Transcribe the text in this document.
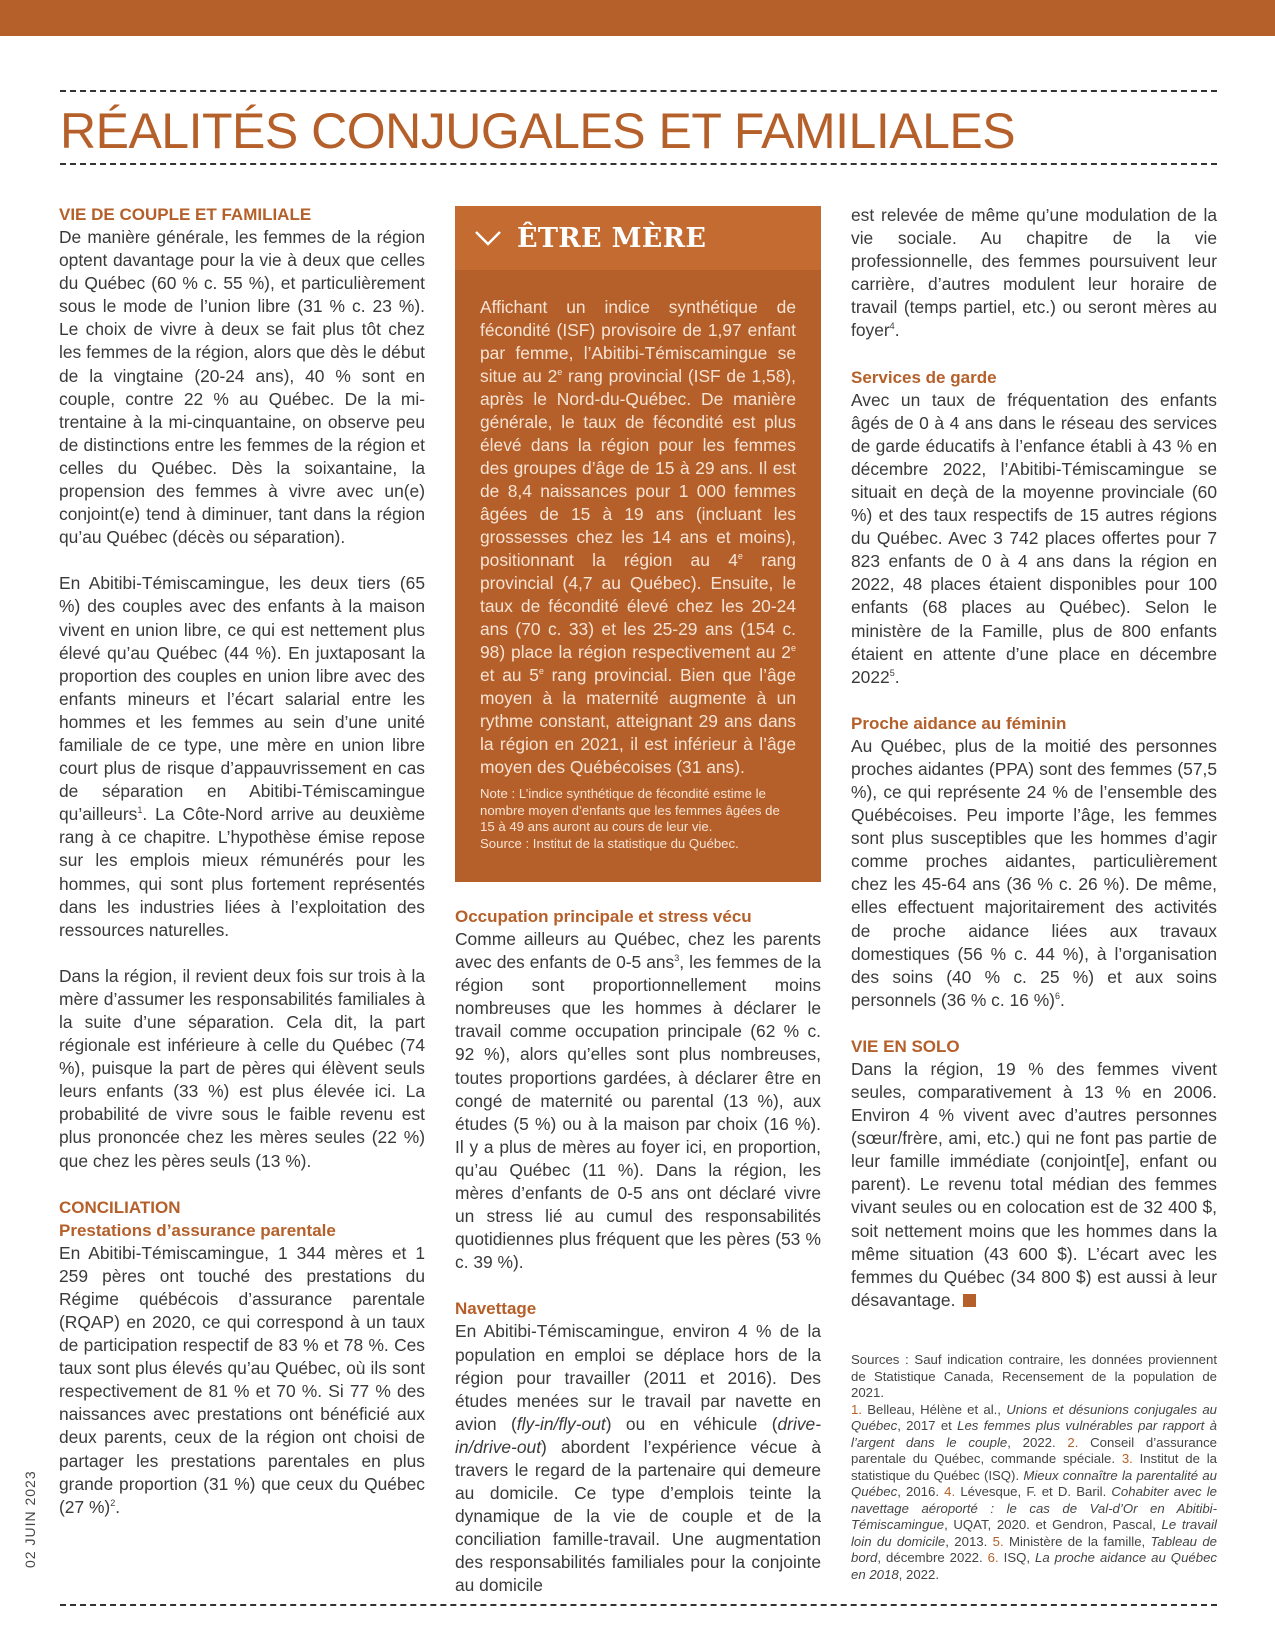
RÉALITÉS CONJUGALES ET FAMILIALES
VIE DE COUPLE ET FAMILIALE

De manière générale, les femmes de la région optent davantage pour la vie à deux que celles du Québec (60 % c. 55 %), et particulièrement sous le mode de l’union libre (31 % c. 23 %). Le choix de vivre à deux se fait plus tôt chez les femmes de la région, alors que dès le début de la vingtaine (20-24 ans), 40 % sont en couple, contre 22 % au Québec. De la mi-trentaine à la mi-cinquantaine, on observe peu de distinctions entre les femmes de la région et celles du Québec. Dès la soixantaine, la propension des femmes à vivre avec un(e) conjoint(e) tend à diminuer, tant dans la région qu’au Québec (décès ou séparation).

En Abitibi-Témiscamingue, les deux tiers (65 %) des couples avec des enfants à la maison vivent en union libre, ce qui est nettement plus élevé qu’au Québec (44 %). En juxtaposant la proportion des couples en union libre avec des enfants mineurs et l’écart salarial entre les hommes et les femmes au sein d’une unité familiale de ce type, une mère en union libre court plus de risque d’appauvrissement en cas de séparation en Abitibi-Témiscamingue qu’ailleurs$^1$. La Côte-Nord arrive au deuxième rang à ce chapitre. L’hypothèse émise repose sur les emplois mieux rémunérés pour les hommes, qui sont plus fortement représentés dans les industries liées à l’exploitation des ressources naturelles.

Dans la région, il revient deux fois sur trois à la mère d’assumer les responsabilités familiales à la suite d’une séparation. Cela dit, la part régionale est inférieure à celle du Québec (74 %), puisque la part de pères qui élèvent seuls leurs enfants (33 %) est plus élevée ici. La probabilité de vivre sous le faible revenu est plus prononcée chez les mères seules (22 %) que chez les pères seuls (13 %).

CONCILIATION
Prestations d’assurance parentale

En Abitibi-Témiscamingue, 1 344 mères et 1 259 pères ont touché des prestations du Régime québécois d’assurance parentale (RQAP) en 2020, ce qui correspond à un taux de participation respectif de 83 % et 78 %. Ces taux sont plus élevés qu’au Québec, où ils sont respectivement de 81 % et 70 %. Si 77 % des naissances avec prestations ont bénéficié aux deux parents, ceux de la région ont choisi de partager les prestations parentales en plus grande proportion (31 %) que ceux du Québec (27 %)$^2$.

ÊTRE MÈRE

Affichant un indice synthétique de fécondité (ISF) provisoire de 1,97 enfant par femme, l’Abitibi-Témiscamingue se situe au 2e rang provincial (ISF de 1,58), après le Nord-du-Québec. De manière générale, le taux de fécondité est plus élevé dans la région pour les femmes des groupes d’âge de 15 à 29 ans. Il est de 8,4 naissances pour 1 000 femmes âgées de 15 à 19 ans (incluant les grossesses chez les 14 ans et moins), positionnant la région au 4e rang provincial (4,7 au Québec). Ensuite, le taux de fécondité élevé chez les 20-24 ans (70 c. 33) et les 25-29 ans (154 c. 98) place la région respectivement au 2e et au 5e rang provincial. Bien que l’âge moyen à la maternité augmente à un rythme constant, atteignant 29 ans dans la région en 2021, il est inférieur à l’âge moyen des Québécoises (31 ans).

Note : L’indice synthétique de fécondité estime le nombre moyen d’enfants que les femmes âgées de 15 à 49 ans auront au cours de leur vie.
Source : Institut de la statistique du Québec.

Occupation principale et stress vécu

Comme ailleurs au Québec, chez les parents avec des enfants de 0-5 ans$^3$, les femmes de la région sont proportionnellement moins nombreuses que les hommes à déclarer le travail comme occupation principale (62 % c. 92 %), alors qu’elles sont plus nombreuses, toutes proportions gardées, à déclarer être en congé de maternité ou parental (13 %), aux études (5 %) ou à la maison par choix (16 %). Il y a plus de mères au foyer ici, en proportion, qu’au Québec (11 %). Dans la région, les mères d’enfants de 0-5 ans ont déclaré vivre un stress lié au cumul des responsabilités quotidiennes plus fréquent que les pères (53 % c. 39 %).

Navettage

En Abitibi-Témiscamingue, environ 4 % de la population en emploi se déplace hors de la région pour travailler (2011 et 2016). Des études menées sur le travail par navette en avion (fly-in/fly-out) ou en véhicule (drive-in/drive-out) abordent l’expérience vécue à travers le regard de la partenaire qui demeure au domicile. Ce type d’emplois teinte la dynamique de la vie de couple et de la conciliation famille-travail. Une augmentation des responsabilités familiales pour la conjointe au domicile

est relevée de même qu’une modulation de la vie sociale. Au chapitre de la vie professionnelle, des femmes poursuivent leur carrière, d’autres modulent leur horaire de travail (temps partiel, etc.) ou seront mères au foyer$^4$.

Services de garde

Avec un taux de fréquentation des enfants âgés de 0 à 4 ans dans le réseau des services de garde éducatifs à l’enfance établi à 43 % en décembre 2022, l’Abitibi-Témiscamingue se situait en deçà de la moyenne provinciale (60 %) et des taux respectifs de 15 autres régions du Québec. Avec 3 742 places offertes pour 7 823 enfants de 0 à 4 ans dans la région en 2022, 48 places étaient disponibles pour 100 enfants (68 places au Québec). Selon le ministère de la Famille, plus de 800 enfants étaient en attente d’une place en décembre 2022$^5$.

Proche aidance au féminin

Au Québec, plus de la moitié des personnes proches aidantes (PPA) sont des femmes (57,5 %), ce qui représente 24 % de l’ensemble des Québécoises. Peu importe l’âge, les femmes sont plus susceptibles que les hommes d’agir comme proches aidantes, particulièrement chez les 45-64 ans (36 % c. 26 %). De même, elles effectuent majoritairement des activités de proche aidance liées aux travaux domestiques (56 % c. 44 %), à l’organisation des soins (40 % c. 25 %) et aux soins personnels (36 % c. 16 %)$^6$.

VIE EN SOLO

Dans la région, 19 % des femmes vivent seules, comparativement à 13 % en 2006. Environ 4 % vivent avec d’autres personnes (sœur/frère, ami, etc.) qui ne font pas partie de leur famille immédiate (conjoint[e], enfant ou parent). Le revenu total médian des femmes vivant seules ou en colocation est de 32 400 $, soit nettement moins que les hommes dans la même situation (43 600 $). L’écart avec les femmes du Québec (34 800 $) est aussi à leur désavantage.

Sources : Sauf indication contraire, les données proviennent de Statistique Canada, Recensement de la population de 2021.
1. Belleau, Hélène et al., Unions et désunions conjugales au Québec, 2017 et Les femmes plus vulnérables par rapport à l’argent dans le couple, 2022. 2. Conseil d’assurance parentale du Québec, commande spéciale. 3. Institut de la statistique du Québec (ISQ). Mieux connaître la parentalité au Québec, 2016. 4. Lévesque, F. et D. Baril. Cohabiter avec le navettage aéroporté : le cas de Val-d’Or en Abitibi-Témiscamingue, UQAT, 2020. et Gendron, Pascal, Le travail loin du domicile, 2013. 5. Ministère de la famille, Tableau de bord, décembre 2022. 6. ISQ, La proche aidance au Québec en 2018, 2022.

02 JUIN 2023
